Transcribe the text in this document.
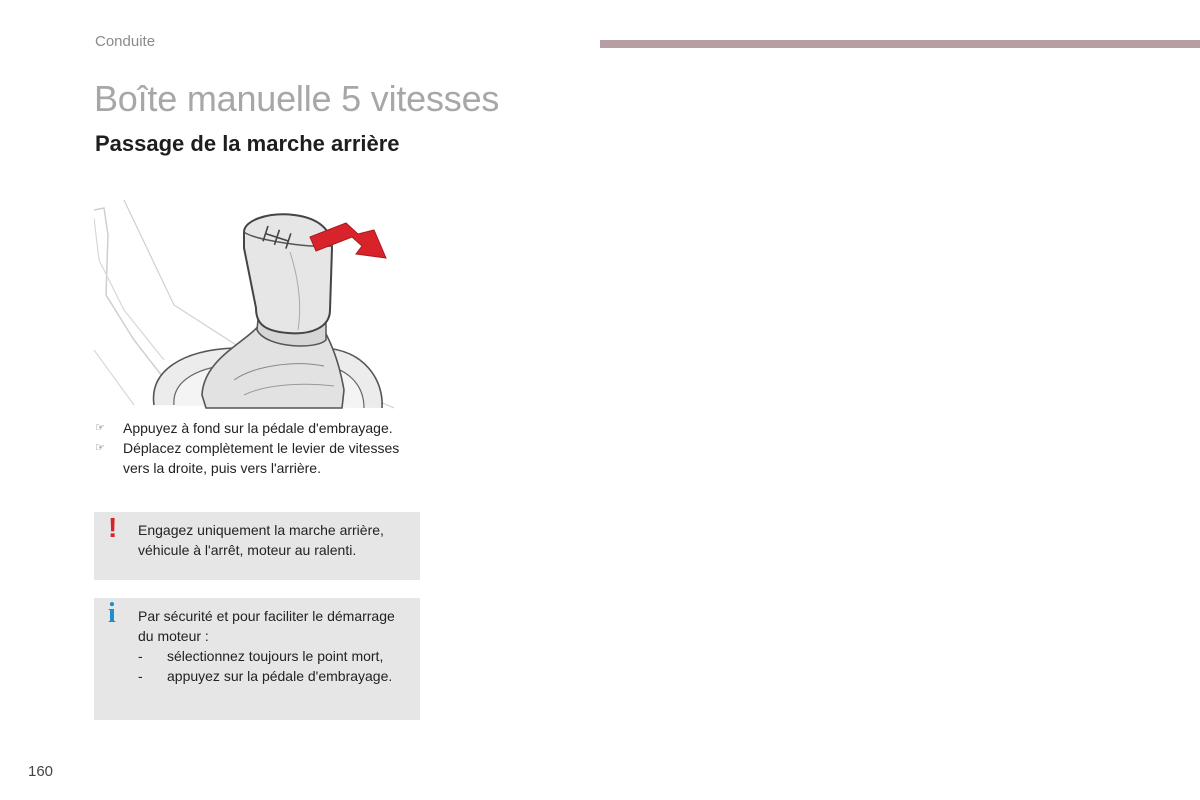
Conduite
Boîte manuelle 5 vitesses
Passage de la marche arrière
☞ Appuyez à fond sur la pédale d'embrayage.
☞ Déplacez complètement le levier de vitesses vers la droite, puis vers l'arrière.
! Engagez uniquement la marche arrière, véhicule à l'arrêt, moteur au ralenti.
i Par sécurité et pour faciliter le démarrage du moteur :
- sélectionnez toujours le point mort,
- appuyez sur la pédale d'embrayage.
160
